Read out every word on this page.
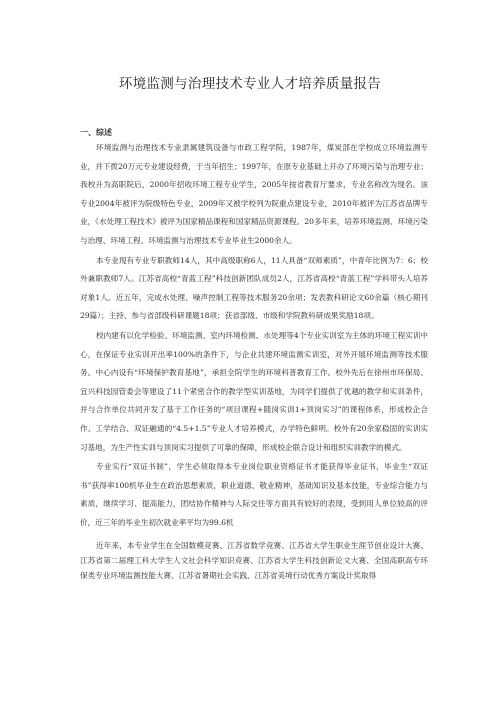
环境监测与治理技术专业人才培养质量报告
一、综述

环境监测与治理技术专业隶属建筑设备与市政工程学院，1987年，煤炭部在学校成立环境监测专业，并下拨20万元专业建设经费，于当年招生；1997年，在原专业基础上开办了环境污染与治理专业；我校升为高职院后，2000年招收环境工程专业学生，2005年按省教育厅要求，专业名称改为现名。该专业2004年被评为院级特色专业，2009年又被学校列为院重点建设专业，2010年被评为江苏省品牌专业，《水处理工程技术》被评为国家精品课程和国家精品资源课程。20多年来，培养环境监测、环境污染与治理、环境工程、环境监测与治理技术专业毕业生2000余人。

本专业现有专业专职教师14人，其中高级职称6人，11人具备“双师素质”，中青年比例为7：6；校外兼职教师7人。江苏省高校“青蓝工程”科技创新团队成员2人，江苏省高校“青蓝工程”学科带头人培养对象1人。近五年，完成水处理、噪声控制工程等技术服务20余项；发表教科研论文60余篇（核心期刊29篇）；主持、参与省部级科研课题18项；获省部级、市级和学院教科研成果奖励18项。

校内建有以化学检验、环境监测、室内环境检测、水处理等4个专业实训室为主体的环境工程实训中心，在保证专业实训开出率100%的条件下，与企业共建环境监测实训室，对外开展环境监测等技术服务。中心内设有“环境保护教育基地”，承担全院学生的环境科普教育工作。校外先后在徐州市环保局、宜兴科技园管委会等建设了11个紧密合作的教学型实训基地，为同学们提供了优越的教学和实训条件，并与合作单位共同开发了基于工作任务的“项目课程+随岗实训1+顶岗实习”的课程体系，形成校企合作、工学结合、双证融通的“4.5+1.5”专业人才培养模式，办学特色鲜明。校外有20余家稳固的实训实习基地，为生产性实训与顶岗实习提供了可靠的保障，形成校企联合设计和组织实训教学的模式。

专业实行“双证书制”，学生必须取得本专业岗位职业资格证书才能获得毕业证书，毕业生“双证书”获得率100机毕业生在政治思想素质，职业道德、敬业精神，基础知识及基本技能，专业综合能力与素质，继续学习、提高能力，团结协作精神与人际交往等方面具有较好的表现，受到用人单位较高的评价，近三年的毕业生初次就业率平均为99.6机

近年来，本专业学生在全国数模竞赛、江苏省数学竞赛、江苏省大学生职业生涯节创业设计大赛、江苏省第二届理工科大学生人文社会科学知识竞赛、江苏省大学生科技创新论文大赛、全国高职高专环保类专业环境监测技能大赛、江苏省暑期社会实践、江苏省美境行动优秀方案设计奖取得
